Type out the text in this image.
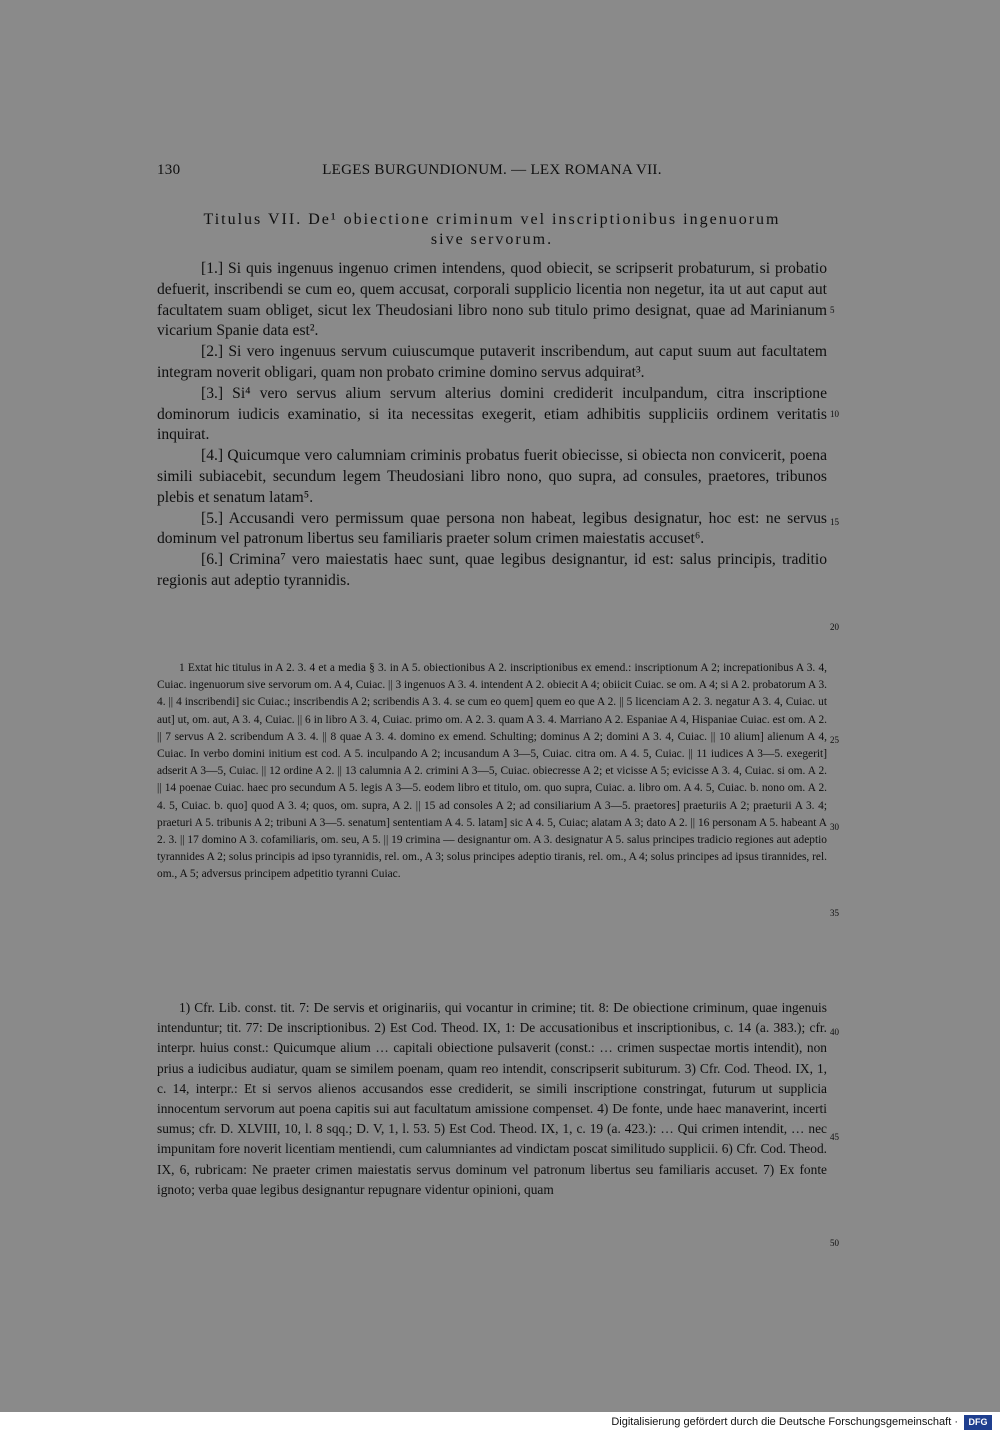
130	LEGES BURGUNDIONUM. — LEX ROMANA VII.
Titulus VII. De¹ obiectione criminum vel inscriptionibus ingenuorum
sive servorum.

[1.] Si quis ingenuus ingenuo crimen intendens, quod obiecit, se scripserit probaturum, si probatio defuerit, inscribendi se cum eo, quem accusat, corporali supplicio licentia non negetur, ita ut aut caput aut facultatem suam obliget, sicut lex Theudosiani libro nono sub titulo primo designat, quae ad Marinianum vicarium Spanie data est².

[2.] Si vero ingenuus servum cuiuscumque putaverit inscribendum, aut caput suum aut facultatem integram noverit obligari, quam non probato crimine domino servus adquirat³.

[3.] Si⁴ vero servus alium servum alterius domini crediderit inculpandum, citra inscriptione dominorum iudicis examinatio, si ita necessitas exegerit, etiam adhibitis suppliciis ordinem veritatis inquirat.

[4.] Quicumque vero calumniam criminis probatus fuerit obiecisse, si obiecta non convicerit, poena simili subiacebit, secundum legem Theudosiani libro nono, quo supra, ad consules, praetores, tribunos plebis et senatum latam⁵.

[5.] Accusandi vero permissum quae persona non habeat, legibus designatur, hoc est: ne servus dominum vel patronum libertus seu familiaris praeter solum crimen maiestatis accuset⁶.

[6.] Crimina⁷ vero maiestatis haec sunt, quae legibus designantur, id est: salus principis, traditio regionis aut adeptio tyrannidis.

5
10
15
20
25
30
35
40
45
50

1 Extat hic titulus in A 2. 3. 4 et a media § 3. in A 5. obiectionibus A 2. inscriptionibus ex emend.: inscriptionum A 2; increpationibus A 3. 4, Cuiac. ingenuorum sive servorum om. A 4, Cuiac. || 3 ingenuos A 3. 4. intendent A 2. obiecit A 4; obiicit Cuiac. se om. A 4; si A 2. probatorum A 3. 4. || 4 inscribendi] sic Cuiac.; inscribendis A 2; scribendis A 3. 4. se cum eo quem] quem eo que A 2. || 5 licenciam A 2. 3. negatur A 3. 4, Cuiac. ut aut] ut, om. aut, A 3. 4, Cuiac. || 6 in libro A 3. 4, Cuiac. primo om. A 2. 3. quam A 3. 4. Marriano A 2. Espaniae A 4, Hispaniae Cuiac. est om. A 2. || 7 servus A 2. scribendum A 3. 4. || 8 quae A 3. 4. domino ex emend. Schulting; dominus A 2; domini A 3. 4, Cuiac. || 10 alium] alienum A 4, Cuiac. In verbo domini initium est cod. A 5. inculpando A 2; incusandum A 3—5, Cuiac. citra om. A 4. 5, Cuiac. || 11 iudices A 3—5. exegerit] adserit A 3—5, Cuiac. || 12 ordine A 2. || 13 calumnia A 2. crimini A 3—5, Cuiac. obiecresse A 2; et vicisse A 5; evicisse A 3. 4, Cuiac. si om. A 2. || 14 poenae Cuiac. haec pro secundum A 5. legis A 3—5. eodem libro et titulo, om. quo supra, Cuiac. a. libro om. A 4. 5, Cuiac. b. nono om. A 2. 4. 5, Cuiac. b. quo] quod A 3. 4; quos, om. supra, A 2. || 15 ad consoles A 2; ad consiliarium A 3—5. praetores] praeturiis A 2; praeturii A 3. 4; praeturi A 5. tribunis A 2; tribuni A 3—5. senatum] sententiam A 4. 5. latam] sic A 4. 5, Cuiac; alatam A 3; dato A 2. || 16 personam A 5. habeant A 2. 3. || 17 domino A 3. cofamiliaris, om. seu, A 5. || 19 crimina — designantur om. A 3. designatur A 5. salus principes tradicio regiones aut adeptio tyrannides A 2; solus principis ad ipso tyrannidis, rel. om., A 3; solus principes adeptio tiranis, rel. om., A 4; solus principes ad ipsus tirannides, rel. om., A 5; adversus principem adpetitio tyranni Cuiac.

1) Cfr. Lib. const. tit. 7: De servis et originariis, qui vocantur in crimine; tit. 8: De obiectione criminum, quae ingenuis intenduntur; tit. 77: De inscriptionibus. 2) Est Cod. Theod. IX, 1: De accusationibus et inscriptionibus, c. 14 (a. 383.); cfr. interpr. huius const.: Quicumque alium … capitali obiectione pulsaverit (const.: … crimen suspectae mortis intendit), non prius a iudicibus audiatur, quam se similem poenam, quam reo intendit, conscripserit subiturum. 3) Cfr. Cod. Theod. IX, 1, c. 14, interpr.: Et si servos alienos accusandos esse crediderit, se simili inscriptione constringat, futurum ut supplicia innocentum servorum aut poena capitis sui aut facultatum amissione compenset. 4) De fonte, unde haec manaverint, incerti sumus; cfr. D. XLVIII, 10, l. 8 sqq.; D. V, 1, l. 53. 5) Est Cod. Theod. IX, 1, c. 19 (a. 423.): … Qui crimen intendit, … nec impunitam fore noverit licentiam mentiendi, cum calumniantes ad vindictam poscat similitudo supplicii. 6) Cfr. Cod. Theod. IX, 6, rubricam: Ne praeter crimen maiestatis servus dominum vel patronum libertus seu familiaris accuset. 7) Ex fonte ignoto; verba quae legibus designantur repugnare videntur opinioni, quam

Digitalisierung gefördert durch die Deutsche Forschungsgemeinschaft ·	DFG
